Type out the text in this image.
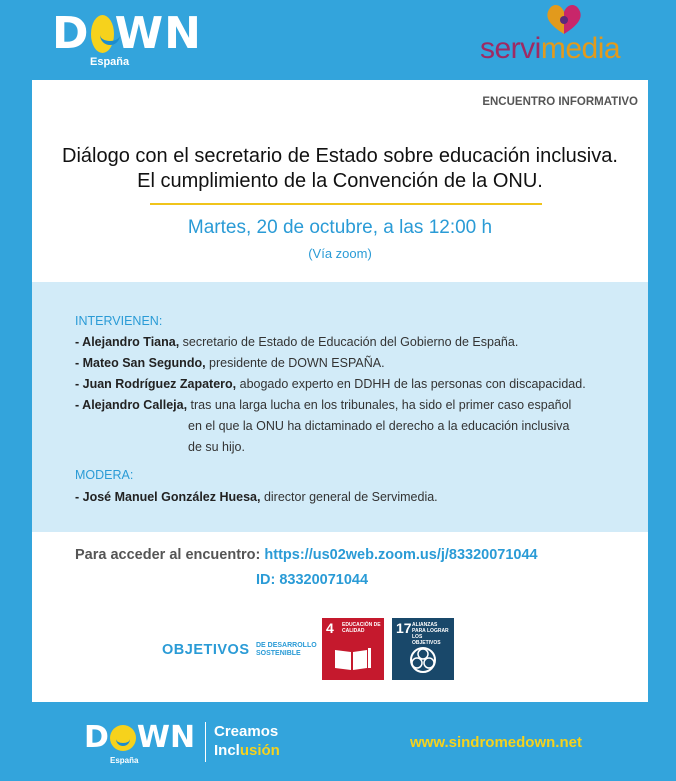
D WN
España	servimedia
ENCUENTRO INFORMATIVO
Diálogo con el secretario de Estado sobre educación inclusiva.
El cumplimiento de la Convención de la ONU.
Martes, 20 de octubre, a las 12:00 h
(Vía zoom)
INTERVIENEN:
- Alejandro Tiana, secretario de Estado de Educación del Gobierno de España.
- Mateo San Segundo, presidente de DOWN ESPAÑA.
- Juan Rodríguez Zapatero, abogado experto en DDHH de las personas con discapacidad.
- Alejandro Calleja, tras una larga lucha en los tribunales, ha sido el primer caso español
en el que la ONU ha dictaminado el derecho a la educación inclusiva
de su hijo.
MODERA:
- José Manuel González Huesa, director general de Servimedia.
Para acceder al encuentro: https://us02web.zoom.us/j/83320071044
ID: 83320071044
OBJETIVOS DE DESARROLLO
SOSTENIBLE
4 EDUCACIÓN DE CALIDAD	17 ALIANZAS PARA LOGRAR LOS OBJETIVOS
D WN
España
Creamos
Inclusión	www.sindromedown.net
